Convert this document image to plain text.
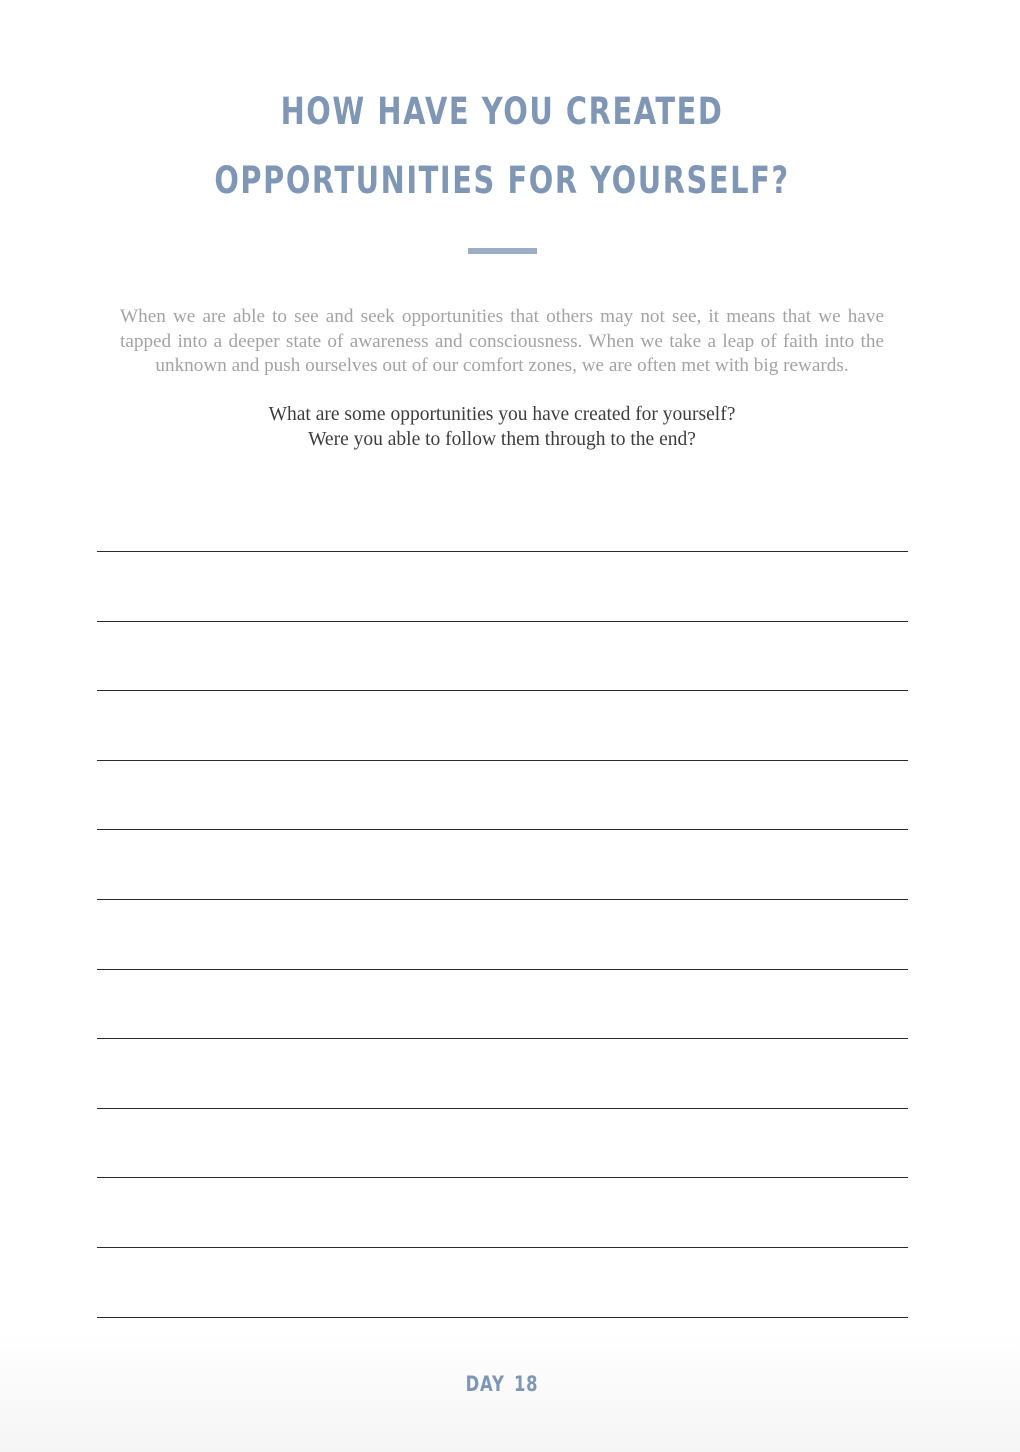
HOW HAVE YOU CREATED
OPPORTUNITIES FOR YOURSELF?

When we are able to see and seek opportunities that others may not see, it means that we have tapped into a deeper state of awareness and consciousness. When we take a leap of faith into the unknown and push ourselves out of our comfort zones, we are often met with big rewards.

What are some opportunities you have created for yourself?

Were you able to follow them through to the end?

DAY 18
